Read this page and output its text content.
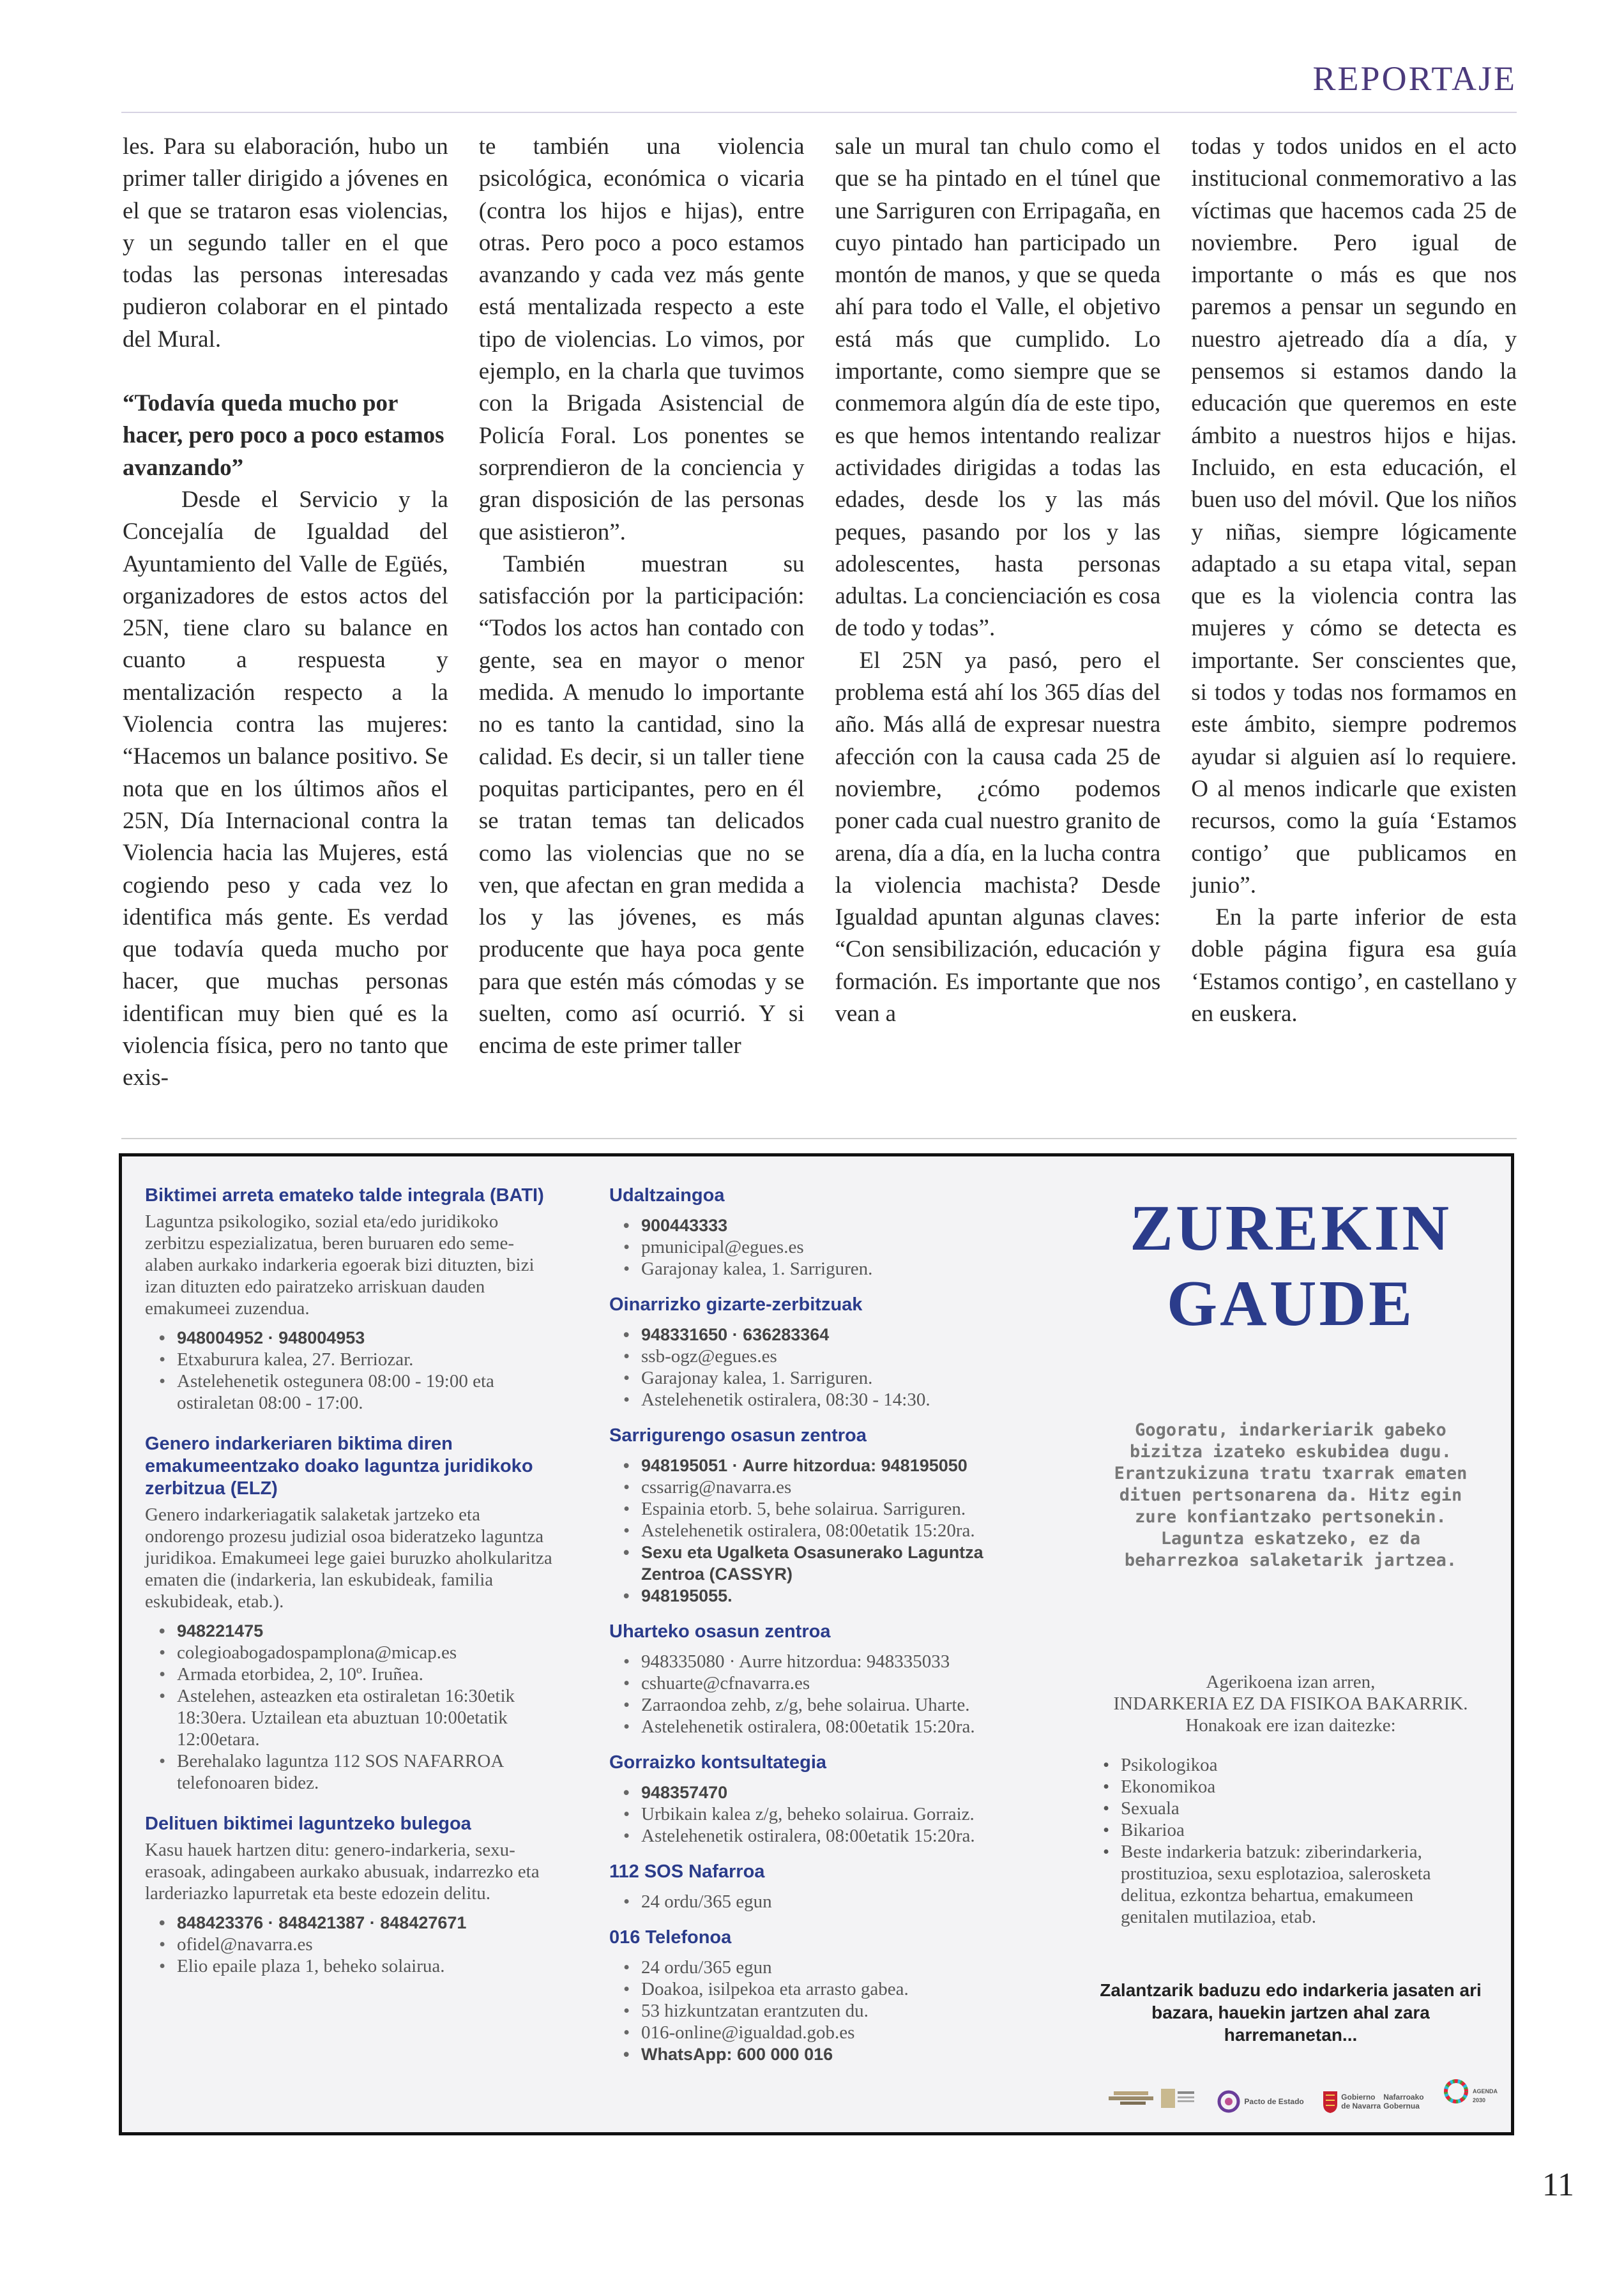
REPORTAJE

les. Para su elaboración, hubo un primer taller dirigido a jóvenes en el que se trataron esas violencias, y un segundo taller en el que todas las personas interesadas pudieron colaborar en el pintado del Mural.

“Todavía queda mucho por hacer, pero poco a poco estamos avanzando”

Desde el Servicio y la Concejalía de Igualdad del Ayuntamiento del Valle de Egüés, organizadores de estos actos del 25N, tiene claro su balance en cuanto a respuesta y mentalización respecto a la Violencia contra las mujeres: “Hacemos un balance positivo. Se nota que en los últimos años el 25N, Día Internacional contra la Violencia hacia las Mujeres, está cogiendo peso y cada vez lo identifica más gente. Es verdad que todavía queda mucho por hacer, que muchas personas identifican muy bien qué es la violencia física, pero no tanto que exis-

te también una violencia psicológica, económica o vicaria (contra los hijos e hijas), entre otras. Pero poco a poco estamos avanzando y cada vez más gente está mentalizada respecto a este tipo de violencias. Lo vimos, por ejemplo, en la charla que tuvimos con la Brigada Asistencial de Policía Foral. Los ponentes se sorprendieron de la conciencia y gran disposición de las personas que asistieron”.

También muestran su satisfacción por la participación: “Todos los actos han contado con gente, sea en mayor o menor medida. A menudo lo importante no es tanto la cantidad, sino la calidad. Es decir, si un taller tiene poquitas participantes, pero en él se tratan temas tan delicados como las violencias que no se ven, que afectan en gran medida a los y las jóvenes, es más producente que haya poca gente para que estén más cómodas y se suelten, como así ocurrió. Y si encima de este primer taller

sale un mural tan chulo como el que se ha pintado en el túnel que une Sarriguren con Erripagaña, en cuyo pintado han participado un montón de manos, y que se queda ahí para todo el Valle, el objetivo está más que cumplido. Lo importante, como siempre que se conmemora algún día de este tipo, es que hemos intentando realizar actividades dirigidas a todas las edades, desde los y las más peques, pasando por los y las adolescentes, hasta personas adultas. La concienciación es cosa de todo y todas”.

El 25N ya pasó, pero el problema está ahí los 365 días del año. Más allá de expresar nuestra afección con la causa cada 25 de noviembre, ¿cómo podemos poner cada cual nuestro granito de arena, día a día, en la lucha contra la violencia machista? Desde Igualdad apuntan algunas claves: “Con sensibilización, educación y formación. Es importante que nos vean a

todas y todos unidos en el acto institucional conmemorativo a las víctimas que hacemos cada 25 de noviembre. Pero igual de importante o más es que nos paremos a pensar un segundo en nuestro ajetreado día a día, y pensemos si estamos dando la educación que queremos en este ámbito a nuestros hijos e hijas. Incluido, en esta educación, el buen uso del móvil. Que los niños y niñas, siempre lógicamente adaptado a su etapa vital, sepan que es la violencia contra las mujeres y cómo se detecta es importante. Ser conscientes que, si todos y todas nos formamos en este ámbito, siempre podremos ayudar si alguien así lo requiere. O al menos indicarle que existen recursos, como la guía ‘Estamos contigo’ que publicamos en junio”.

En la parte inferior de esta doble página figura esa guía ‘Estamos contigo’, en castellano y en euskera.

Biktimei arreta emateko talde integrala (BATI)

Laguntza psikologiko, sozial eta/edo juridikoko zerbitzu espezializatua, beren buruaren edo seme-alaben aurkako indarkeria egoerak bizi dituzten, bizi izan dituzten edo pairatzeko arriskuan dauden emakumeei zuzendua.

• 948004952 · 948004953
• Etxaburura kalea, 27. Berriozar.
• Astelehenetik ostegunera 08:00 - 19:00 eta ostiraletan 08:00 - 17:00.

Genero indarkeriaren biktima diren emakumeentzako doako laguntza juridikoko zerbitzua (ELZ)

Genero indarkeriagatik salaketak jartzeko eta ondorengo prozesu judizial osoa bideratzeko laguntza juridikoa. Emakumeei lege gaiei buruzko aholkularitza ematen die (indarkeria, lan eskubideak, familia eskubideak, etab.).

• 948221475
• colegioabogadospamplona@micap.es
• Armada etorbidea, 2, 10º. Iruñea.
• Astelehen, asteazken eta ostiraletan 16:30etik 18:30era. Uztailean eta abuztuan 10:00etatik 12:00etara.
• Berehalako laguntza 112 SOS NAFARROA telefonoaren bidez.

Delituen biktimei laguntzeko bulegoa

Kasu hauek hartzen ditu: genero-indarkeria, sexu-erasoak, adingabeen aurkako abusuak, indarrezko eta larderiazko lapurretak eta beste edozein delitu.

• 848423376 · 848421387 · 848427671
• ofidel@navarra.es
• Elio epaile plaza 1, beheko solairua.

Udaltzaingoa

• 900443333
• pmunicipal@egues.es
• Garajonay kalea, 1. Sarriguren.

Oinarrizko gizarte-zerbitzuak

• 948331650 · 636283364
• ssb-ogz@egues.es
• Garajonay kalea, 1. Sarriguren.
• Astelehenetik ostiralera, 08:30 - 14:30.

Sarrigurengo osasun zentroa

• 948195051 · Aurre hitzordua: 948195050
• cssarrig@navarra.es
• Espainia etorb. 5, behe solairua. Sarriguren.
• Astelehenetik ostiralera, 08:00etatik 15:20ra.
• Sexu eta Ugalketa Osasunerako Laguntza Zentroa (CASSYR)
• 948195055.

Uharteko osasun zentroa

• 948335080 · Aurre hitzordua: 948335033
• cshuarte@cfnavarra.es
• Zarraondoa zehb, z/g, behe solairua. Uharte.
• Astelehenetik ostiralera, 08:00etatik 15:20ra.

Gorraizko kontsultategia

• 948357470
• Urbikain kalea z/g, beheko solairua. Gorraiz.
• Astelehenetik ostiralera, 08:00etatik 15:20ra.

112 SOS Nafarroa

• 24 ordu/365 egun

016 Telefonoa

• 24 ordu/365 egun
• Doakoa, isilpekoa eta arrasto gabea.
• 53 hizkuntzatan erantzuten du.
• 016-online@igualdad.gob.es
• WhatsApp: 600 000 016
ZUREKIN
GAUDE
Gogoratu, indarkeriarik gabeko bizitza izateko eskubidea dugu. Erantzukizuna tratu txarrak ematen dituen pertsonarena da. Hitz egin zure konfiantzako pertsonekin. Laguntza eskatzeko, ez da beharrezkoa salaketarik jartzea.
Agerikoena izan arren,
INDARKERIA EZ DA FISIKOA BAKARRIK.
Honakoak ere izan daitezke:
• Psikologikoa
• Ekonomikoa
• Sexuala
• Bikarioa
• Beste indarkeria batzuk: ziberindarkeria, prostituzioa, sexu esplotazioa, salerosketa delitua, ezkontza behartua, emakumeen genitalen mutilazioa, etab.
Zalantzarik baduzu edo indarkeria jasaten ari bazara, hauekin jartzen ahal zara harremanetan...
Pacto de Estado	Gobierno
de Navarra
Nafarroako
Gobernua
AGENDA 2030
11
